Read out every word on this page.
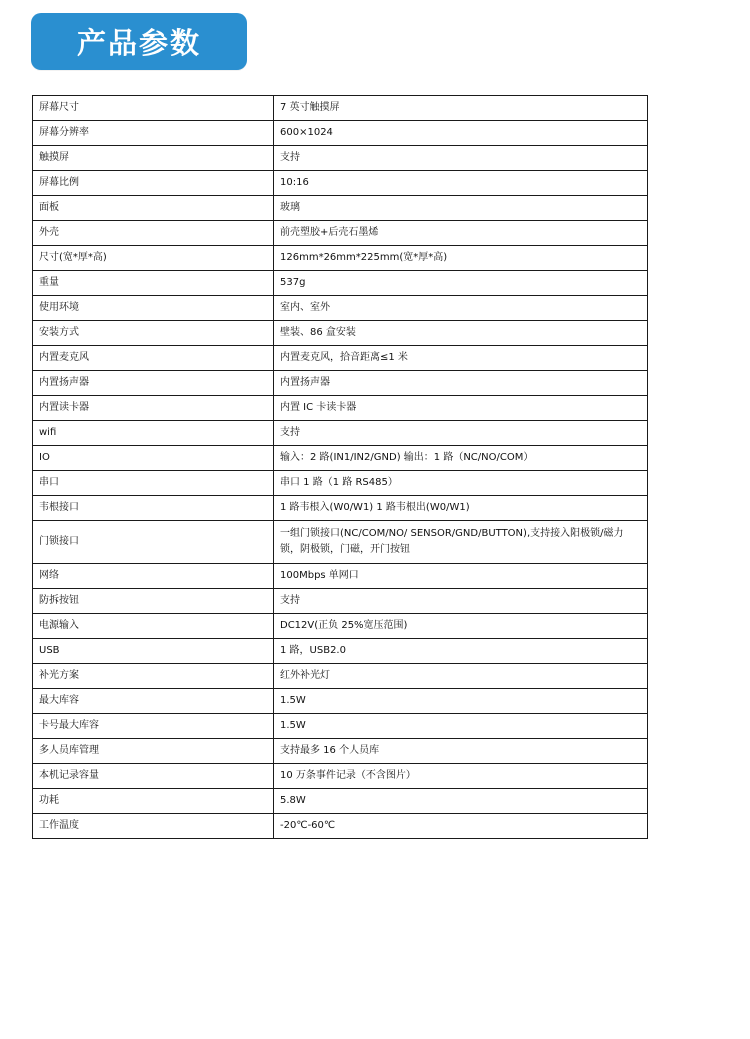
产品参数
屏幕尺寸	7 英寸触摸屏
屏幕分辨率	600×1024
触摸屏	支持
屏幕比例	10:16
面板	玻璃
外壳	前壳塑胶+后壳石墨烯
尺寸(宽*厚*高)	126mm*26mm*225mm(宽*厚*高)
重量	537g
使用环境	室内、室外
安装方式	壁装、86 盒安装
内置麦克风	内置麦克风，拾音距离≤1 米
内置扬声器	内置扬声器
内置读卡器	内置 IC 卡读卡器
wifi	支持
IO	输入：2 路(IN1/IN2/GND) 输出：1 路（NC/NO/COM）
串口	串口 1 路（1 路 RS485）
韦根接口	1 路韦根入(W0/W1) 1 路韦根出(W0/W1)
门锁接口	一组门锁接口(NC/COM/NO/ SENSOR/GND/BUTTON),支持接入阳极锁/磁力锁，阴极锁，门磁，开门按钮
网络	100Mbps 单网口
防拆按钮	支持
电源输入	DC12V(正负 25%宽压范围)
USB	1 路，USB2.0
补光方案	红外补光灯
最大库容	1.5W
卡号最大库容	1.5W
多人员库管理	支持最多 16 个人员库
本机记录容量	10 万条事件记录（不含图片）
功耗	5.8W
工作温度	-20℃-60℃
